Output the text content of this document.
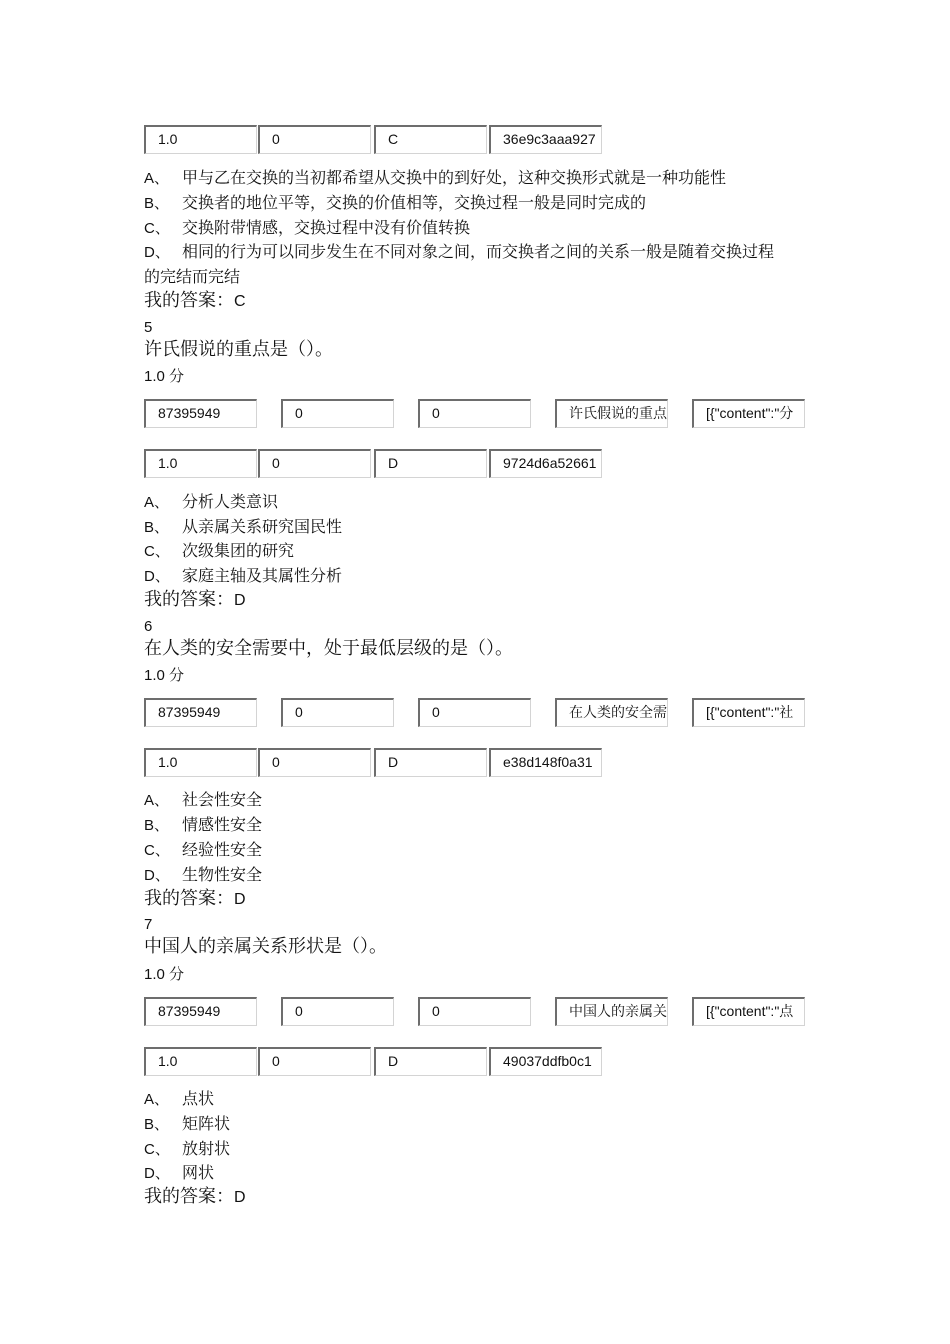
1.0	0	C	36e9c3aaa927
A、 甲与乙在交换的当初都希望从交换中的到好处，这种交换形式就是一种功能性
B、 交换者的地位平等，交换的价值相等，交换过程一般是同时完成的
C、 交换附带情感，交换过程中没有价值转换
D、 相同的行为可以同步发生在不同对象之间，而交换者之间的关系一般是随着交换过程
的完结而完结
我的答案：C
5
许氏假说的重点是（）。
1.0 分
87395949	0	0	许氏假说的重点	[{"content":"分
1.0	0	D	9724d6a52661
A、 分析人类意识
B、 从亲属关系研究国民性
C、 次级集团的研究
D、 家庭主轴及其属性分析
我的答案：D
6
在人类的安全需要中，处于最低层级的是（）。
1.0 分
87395949	0	0	在人类的安全需	[{"content":"社
1.0	0	D	e38d148f0a31
A、 社会性安全
B、 情感性安全
C、 经验性安全
D、 生物性安全
我的答案：D
7
中国人的亲属关系形状是（）。
1.0 分
87395949	0	0	中国人的亲属关	[{"content":"点
1.0	0	D	49037ddfb0c1
A、 点状
B、 矩阵状
C、 放射状
D、 网状
我的答案：D
